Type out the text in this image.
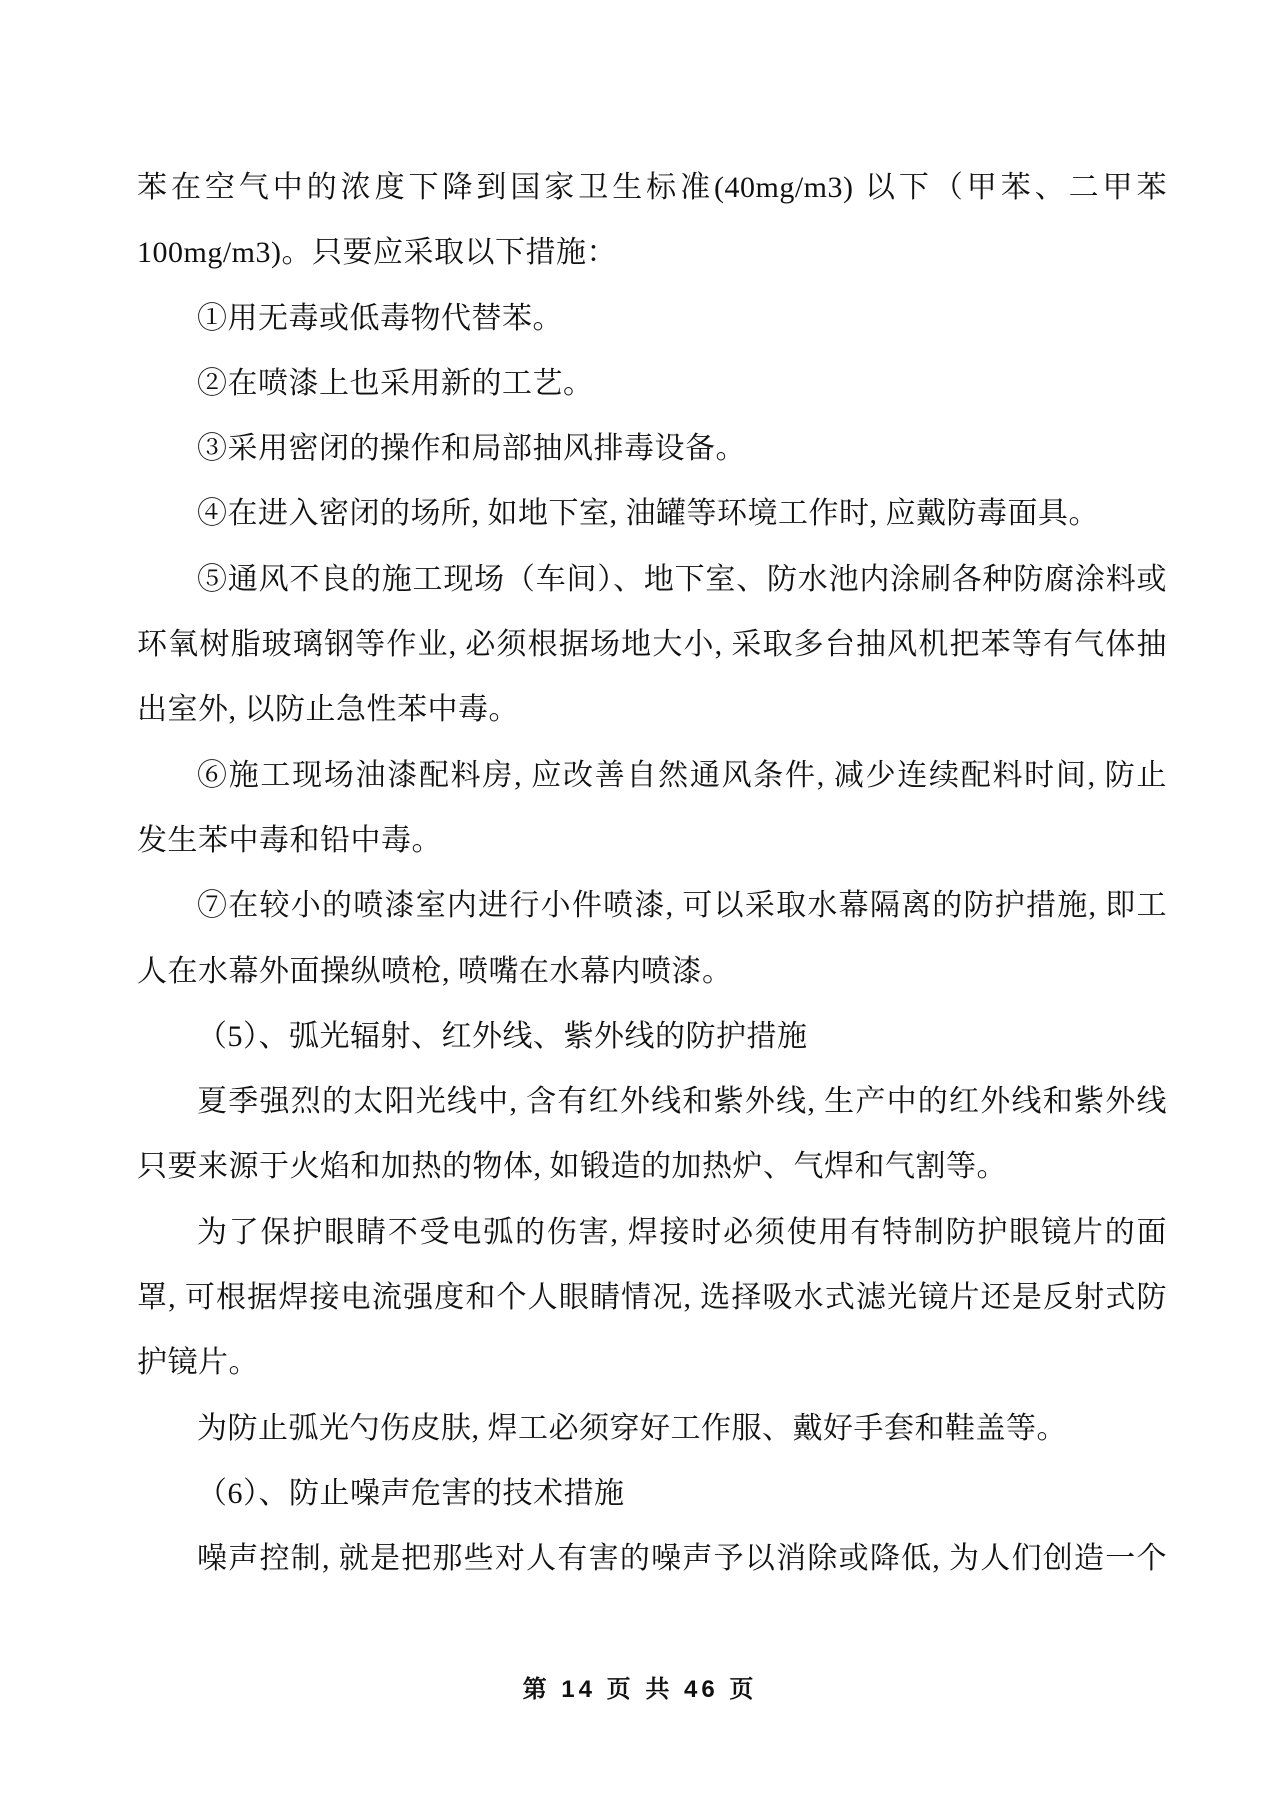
苯在空气中的浓度下降到国家卫生标准(40mg/m3) 以下（甲苯、二甲苯
100mg/m3)。只要应采取以下措施：
①用无毒或低毒物代替苯。
②在喷漆上也采用新的工艺。
③采用密闭的操作和局部抽风排毒设备。
④在进入密闭的场所, 如地下室, 油罐等环境工作时, 应戴防毒面具。
⑤通风不良的施工现场（车间）、地下室、防水池内涂刷各种防腐涂料或
环氧树脂玻璃钢等作业, 必须根据场地大小, 采取多台抽风机把苯等有气体抽
出室外, 以防止急性苯中毒。
⑥施工现场油漆配料房, 应改善自然通风条件, 减少连续配料时间, 防止
发生苯中毒和铅中毒。
⑦在较小的喷漆室内进行小件喷漆, 可以采取水幕隔离的防护措施, 即工
人在水幕外面操纵喷枪, 喷嘴在水幕内喷漆。
（5）、弧光辐射、红外线、紫外线的防护措施
夏季强烈的太阳光线中, 含有红外线和紫外线, 生产中的红外线和紫外线
只要来源于火焰和加热的物体, 如锻造的加热炉、气焊和气割等。
为了保护眼睛不受电弧的伤害, 焊接时必须使用有特制防护眼镜片的面
罩, 可根据焊接电流强度和个人眼睛情况, 选择吸水式滤光镜片还是反射式防
护镜片。
为防止弧光勺伤皮肤, 焊工必须穿好工作服、戴好手套和鞋盖等。
（6）、防止噪声危害的技术措施
噪声控制, 就是把那些对人有害的噪声予以消除或降低, 为人们创造一个
第 14 页 共 46 页
